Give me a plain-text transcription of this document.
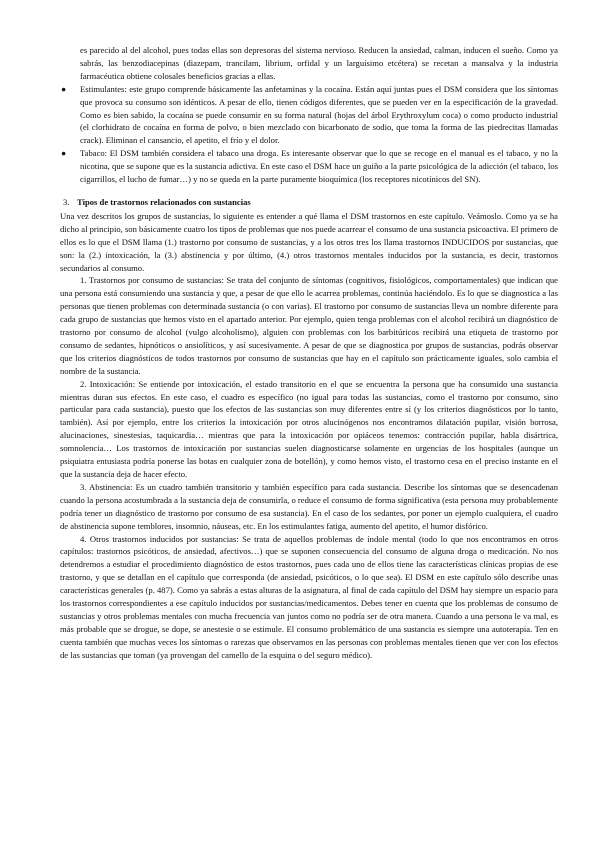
es parecido al del alcohol, pues todas ellas son depresoras del sistema nervioso. Reducen la ansiedad, calman, inducen el sueño. Como ya sabrás, las benzodiacepinas (diazepam, trancilam, librium, orfidal y un larguísimo etcétera) se recetan a mansalva y la industria farmacéutica obtiene colosales beneficios gracias a ellas.

● Estimulantes: este grupo comprende básicamente las anfetaminas y la cocaína. Están aquí juntas pues el DSM considera que los síntomas que provoca su consumo son idénticos. A pesar de ello, tienen códigos diferentes, que se pueden ver en la especificación de la gravedad. Como es bien sabido, la cocaína se puede consumir en su forma natural (hojas del árbol Erythroxylum coca) o como producto industrial (el clorhidrato de cocaína en forma de polvo, o bien mezclado con bicarbonato de sodio, que toma la forma de las piedrecitas llamadas crack). Eliminan el cansancio, el apetito, el frío y el dolor.

● Tabaco: El DSM también considera el tabaco una droga. Es interesante observar que lo que se recoge en el manual es el tabaco, y no la nicotina, que se supone que es la sustancia adictiva. En este caso el DSM hace un guiño a la parte psicológica de la adicción (el tabaco, los cigarrillos, el lucho de fumar…) y no se queda en la parte puramente bioquímica (los receptores nicotínicos del SN).

3. Tipos de trastornos relacionados con sustancias

Una vez descritos los grupos de sustancias, lo siguiente es entender a qué llama el DSM trastornos en este capítulo. Veámoslo. Como ya se ha dicho al principio, son básicamente cuatro los tipos de problemas que nos puede acarrear el consumo de una sustancia psicoactiva. El primero de ellos es lo que el DSM llama (1.) trastorno por consumo de sustancias, y a los otros tres los llama trastornos INDUCIDOS por sustancias, que son: la (2.) intoxicación, la (3.) abstinencia y por último, (4.) otros trastornos mentales inducidos por la sustancia, es decir, trastornos secundarios al consumo.

1. Trastornos por consumo de sustancias: Se trata del conjunto de síntomas (cognitivos, fisiológicos, comportamentales) que indican que una persona está consumiendo una sustancia y que, a pesar de que ello le acarrea problemas, continúa haciéndolo. Es lo que se diagnostica a las personas que tienen problemas con determinada sustancia (o con varias). El trastorno por consumo de sustancias lleva un nombre diferente para cada grupo de sustancias que hemos visto en el apartado anterior. Por ejemplo, quien tenga problemas con el alcohol recibirá un diagnóstico de trastorno por consumo de alcohol (vulgo alcoholismo), alguien con problemas con los barbitúricos recibirá una etiqueta de trastorno por consumo de sedantes, hipnóticos o ansiolíticos, y así sucesivamente. A pesar de que se diagnostica por grupos de sustancias, podrás observar que los criterios diagnósticos de todos trastornos por consumo de sustancias que hay en el capítulo son prácticamente iguales, solo cambia el nombre de la sustancia.

2. Intoxicación: Se entiende por intoxicación, el estado transitorio en el que se encuentra la persona que ha consumido una sustancia mientras duran sus efectos. En este caso, el cuadro es específico (no igual para todas las sustancias, como el trastorno por consumo, sino particular para cada sustancia), puesto que los efectos de las sustancias son muy diferentes entre sí (y los criterios diagnósticos por lo tanto, también). Así por ejemplo, entre los criterios la intoxicación por otros alucinógenos nos encontramos dilatación pupilar, visión borrosa, alucinaciones, sinestesias, taquicardia… mientras que para la intoxicación por opiáceos tenemos: contracción pupilar, habla disártrica, somnolencia… Los trastornos de intoxicación por sustancias suelen diagnosticarse solamente en urgencias de los hospitales (aunque un psiquiatra entusiasta podría ponerse las botas en cualquier zona de botellón), y como hemos visto, el trastorno cesa en el preciso instante en el que la sustancia deja de hacer efecto.

3. Abstinencia: Es un cuadro también transitorio y también específico para cada sustancia. Describe los síntomas que se desencadenan cuando la persona acostumbrada a la sustancia deja de consumirla, o reduce el consumo de forma significativa (esta persona muy probablemente podría tener un diagnóstico de trastorno por consumo de esa sustancia). En el caso de los sedantes, por poner un ejemplo cualquiera, el cuadro de abstinencia supone temblores, insomnio, náuseas, etc. En los estimulantes fatiga, aumento del apetito, el humor disfórico.

4. Otros trastornos inducidos por sustancias: Se trata de aquellos problemas de índole mental (todo lo que nos encontramos en otros capítulos: trastornos psicóticos, de ansiedad, afectivos…) que se suponen consecuencia del consumo de alguna droga o medicación. No nos detendremos a estudiar el procedimiento diagnóstico de estos trastornos, pues cada uno de ellos tiene las características clínicas propias de ese trastorno, y que se detallan en el capítulo que corresponda (de ansiedad, psicóticos, o lo que sea). El DSM en este capítulo sólo describe unas características generales (p. 487). Como ya sabrás a estas alturas de la asignatura, al final de cada capítulo del DSM hay siempre un espacio para los trastornos correspondientes a ese capítulo inducidos por sustancias/medicamentos. Debes tener en cuenta que los problemas de consumo de sustancias y otros problemas mentales con mucha frecuencia van juntos como no podría ser de otra manera. Cuando a una persona le va mal, es más probable que se drogue, se dope, se anestesie o se estimule. El consumo problemático de una sustancia es siempre una autoterapia. Ten en cuenta también que muchas veces los síntomas o rarezas que observamos en las personas con problemas mentales tienen que ver con los efectos de las sustancias que toman (ya provengan del camello de la esquina o del seguro médico).
